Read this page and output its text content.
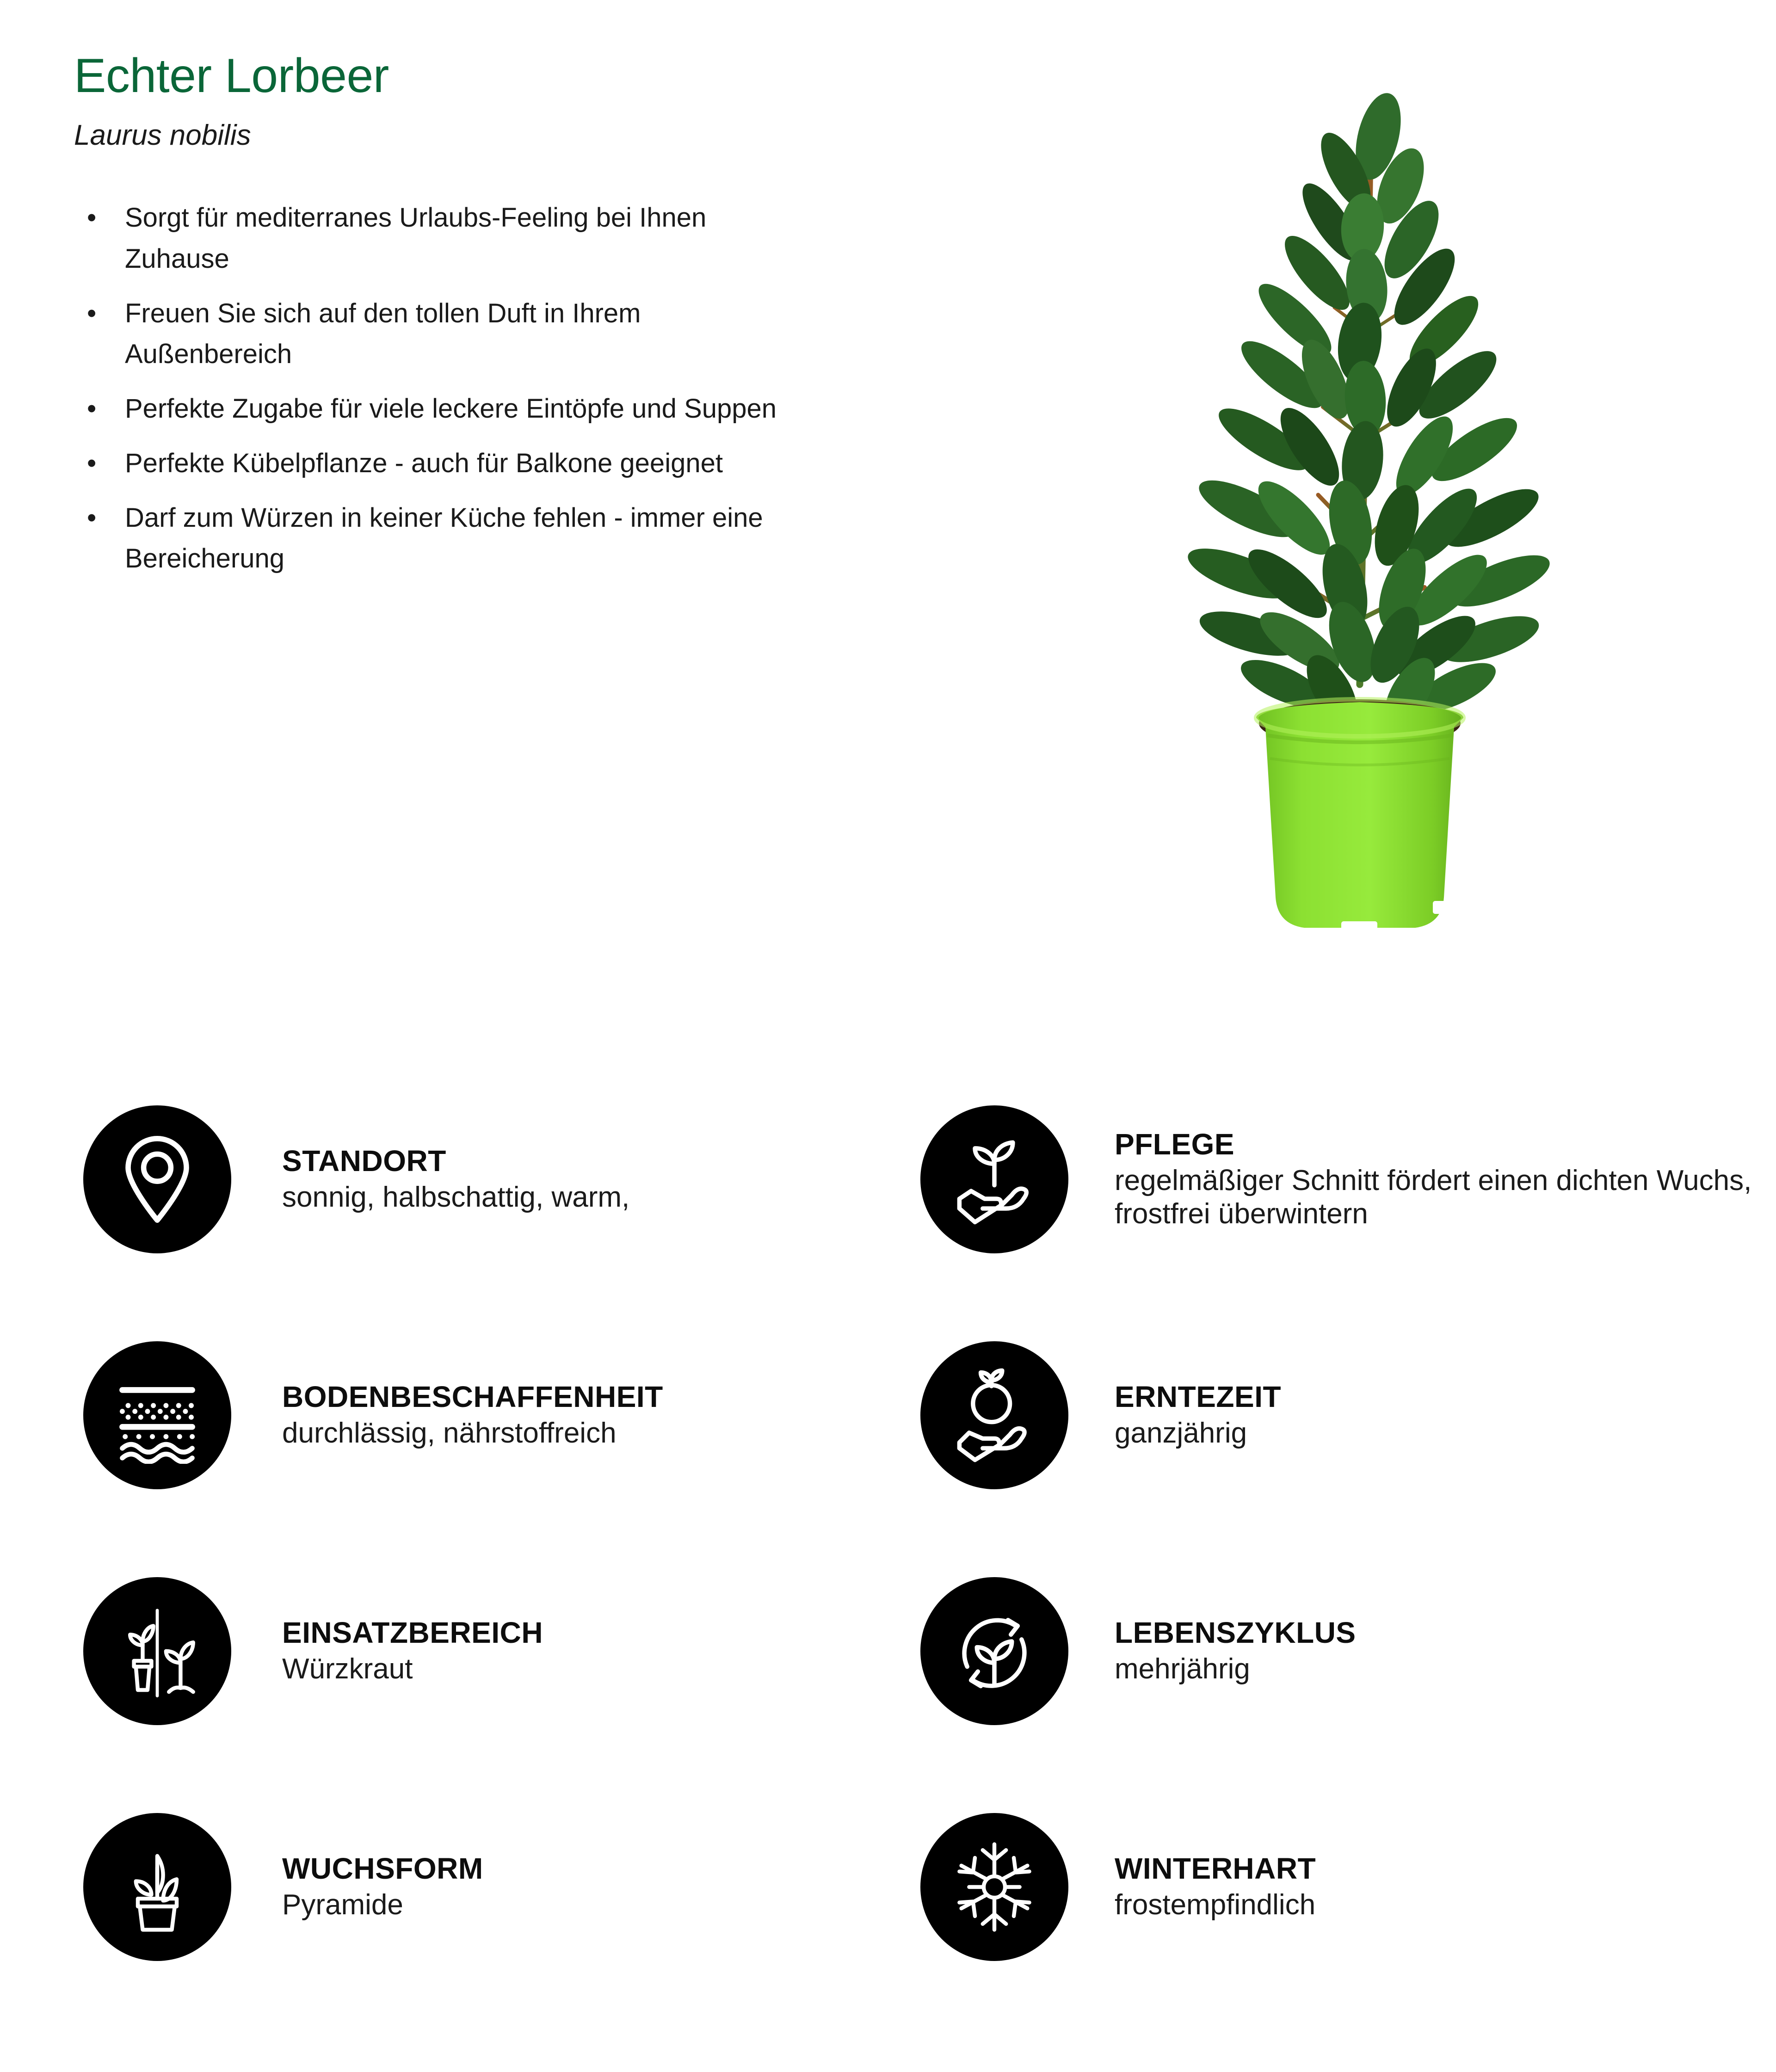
Echter Lorbeer
Laurus nobilis
•	Sorgt für mediterranes Urlaubs-Feeling bei Ihnen Zuhause
•	Freuen Sie sich auf den tollen Duft in Ihrem Außenbereich
•	Perfekte Zugabe für viele leckere Eintöpfe und Suppen
•	Perfekte Kübelpflanze - auch für Balkone geeignet
•	Darf zum Würzen in keiner Küche fehlen - immer eine Bereicherung
STANDORT
sonnig, halbschattig, warm,
BODENBESCHAFFENHEIT
durchlässig, nährstoffreich
EINSATZBEREICH
Würzkraut
WUCHSFORM
Pyramide
PFLEGE
regelmäßiger Schnitt fördert einen dichten Wuchs, frostfrei überwintern
ERNTEZEIT
ganzjährig
LEBENSZYKLUS
mehrjährig
WINTERHART
frostempfindlich
